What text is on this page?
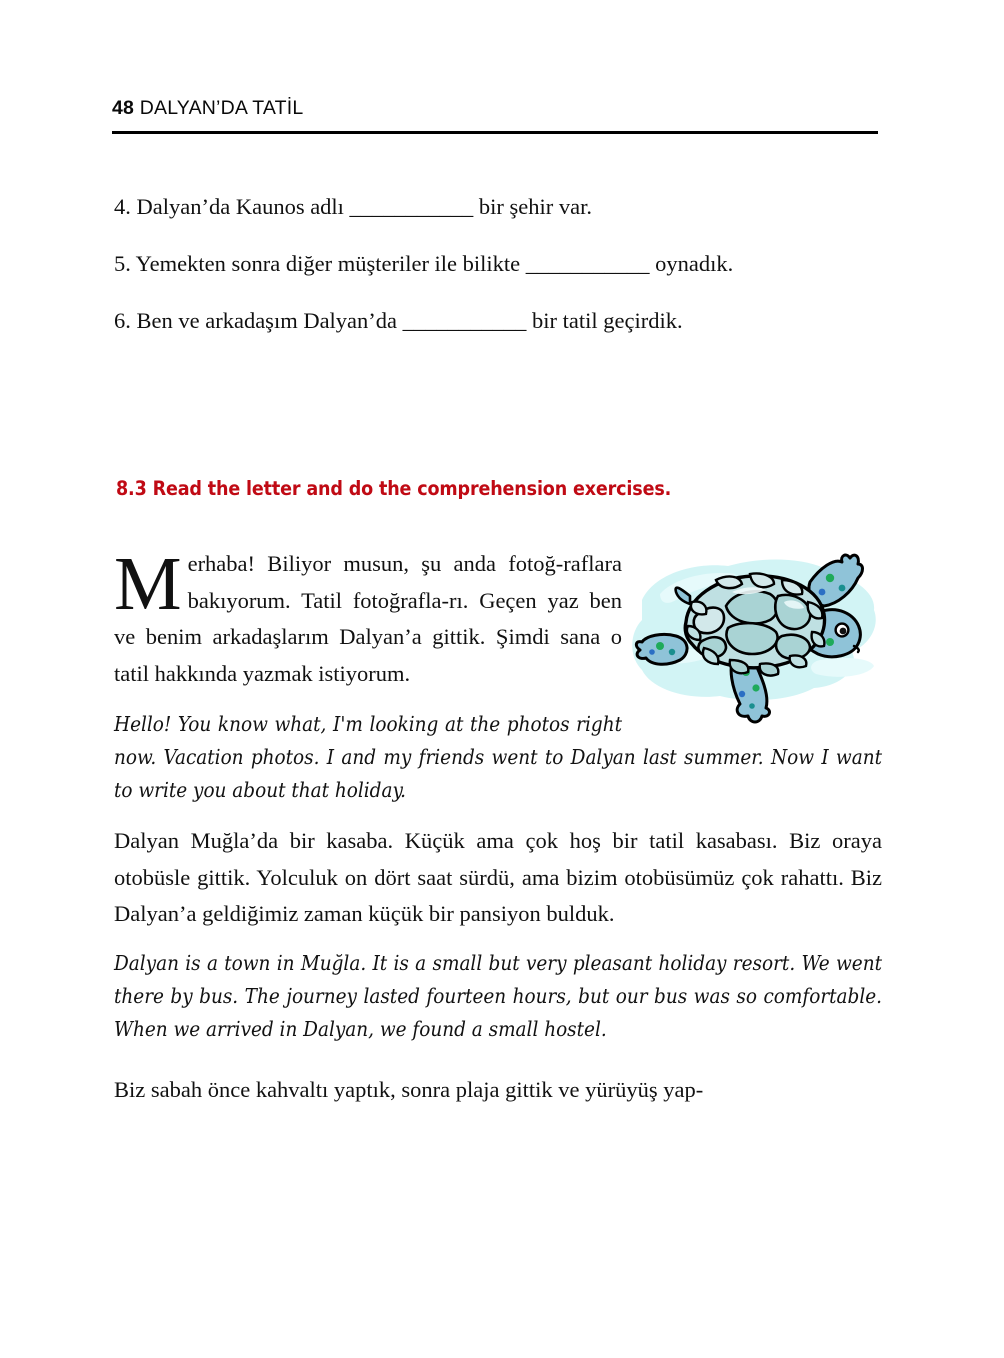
48 DALYAN’DA TATİL
4. Dalyan’da Kaunos adlı ___________ bir şehir var.
5. Yemekten sonra diğer müşteriler ile bilikte ___________ oynadık.
6. Ben ve arkadaşım Dalyan’da ___________ bir tatil geçirdik.
8.3 Read the letter and do the comprehension exercises.

Merhaba! Biliyor musun, şu anda fotoğ-raflara bakıyorum. Tatil fotoğrafla-rı. Geçen yaz ben ve benim arkadaşlarım Dalyan’a gittik. Şimdi sana o tatil hakkında yazmak istiyorum.

Hello! You know what, I'm looking at the photos right now. Vacation photos. I and my friends went to Dalyan last summer. Now I want to write you about that holiday.

Dalyan Muğla’da bir kasaba. Küçük ama çok hoş bir tatil kasabası. Biz oraya otobüsle gittik. Yolculuk on dört saat sürdü, ama bizim otobüsümüz çok rahattı. Biz Dalyan’a geldiğimiz zaman küçük bir pansiyon bulduk.

Dalyan is a town in Muğla. It is a small but very pleasant holiday resort. We went there by bus. The journey lasted fourteen hours, but our bus was so comfortable. When we arrived in Dalyan, we found a small hostel.

Biz sabah önce kahvaltı yaptık, sonra plaja gittik ve yürüyüş yap-
